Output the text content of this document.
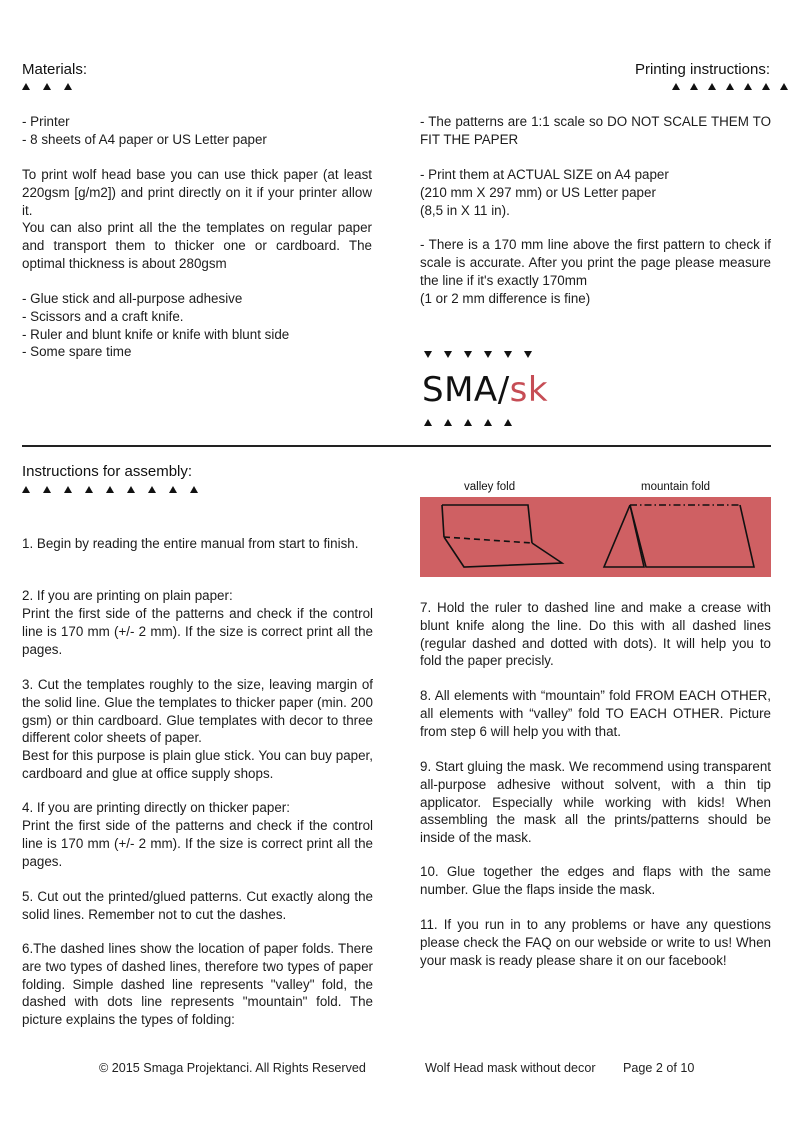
Materials:

- Printer

- 8 sheets of A4 paper or US Letter paper

To print wolf head base you can use thick paper (at least 220gsm [g/m2]) and print directly on it if your printer allow it.
You can also print all the the templates on regular paper and transport them to thicker one or cardboard. The optimal thickness is about 280gsm

- Glue stick and all-purpose adhesive

- Scissors and a craft knife.

- Ruler and blunt knife or knife with blunt side

- Some spare time

Printing instructions:
- The patterns are 1:1 scale so DO NOT SCALE THEM TO FIT THE PAPER

- Print them at ACTUAL SIZE on A4 paper

(210 mm X 297 mm) or US Letter paper

(8,5 in X 11 in).

- There is a 170 mm line above the first pattern to check if scale is accurate. After you print the page please measure the line if it's exactly 170mm
(1 or 2 mm difference is fine)
SMA/sk
Instructions for assembly:
1. Begin by reading the entire manual from start to finish.
2. If you are printing on plain paper:
Print the first side of the patterns and check if the control line is 170 mm (+/- 2 mm). If the size is correct print all the pages.
3. Cut the templates roughly to the size, leaving margin of the solid line. Glue the templates to thicker paper (min. 200 gsm) or thin cardboard. Glue templates with decor to three different color sheets of paper.
Best for this purpose is plain glue stick. You can buy paper, cardboard and glue at office supply shops.
4. If you are printing directly on thicker paper:
Print the first side of the patterns and check if the control line is 170 mm (+/- 2 mm). If the size is correct print all the pages.
5. Cut out the printed/glued patterns. Cut exactly along the solid lines. Remember not to cut the dashes.
6.The dashed lines show the location of paper folds. There are two types of dashed lines, therefore two types of paper folding. Simple dashed line represents "valley" fold, the dashed with dots line represents "mountain" fold. The picture explains the types of folding:
valley fold	mountain fold
7. Hold the ruler to dashed line and make a crease with blunt knife along the line. Do this with all dashed lines (regular dashed and dotted with dots). It will help you to fold the paper precisly.
8. All elements with “mountain” fold FROM EACH OTHER, all elements with “valley” fold TO EACH OTHER. Picture from step 6 will help you with that.
9. Start gluing the mask. We recommend using transparent all-purpose adhesive without solvent, with a thin tip applicator. Especially while working with kids! When assembling the mask all the prints/patterns should be inside of the mask.
10. Glue together the edges and flaps with the same number. Glue the flaps inside the mask.
11. If you run in to any problems or have any questions please check the FAQ on our webside or write to us! When your mask is ready please share it on our facebook!
© 2015 Smaga Projektanci. All Rights Reserved	Wolf Head mask without decor Page 2 of 10
